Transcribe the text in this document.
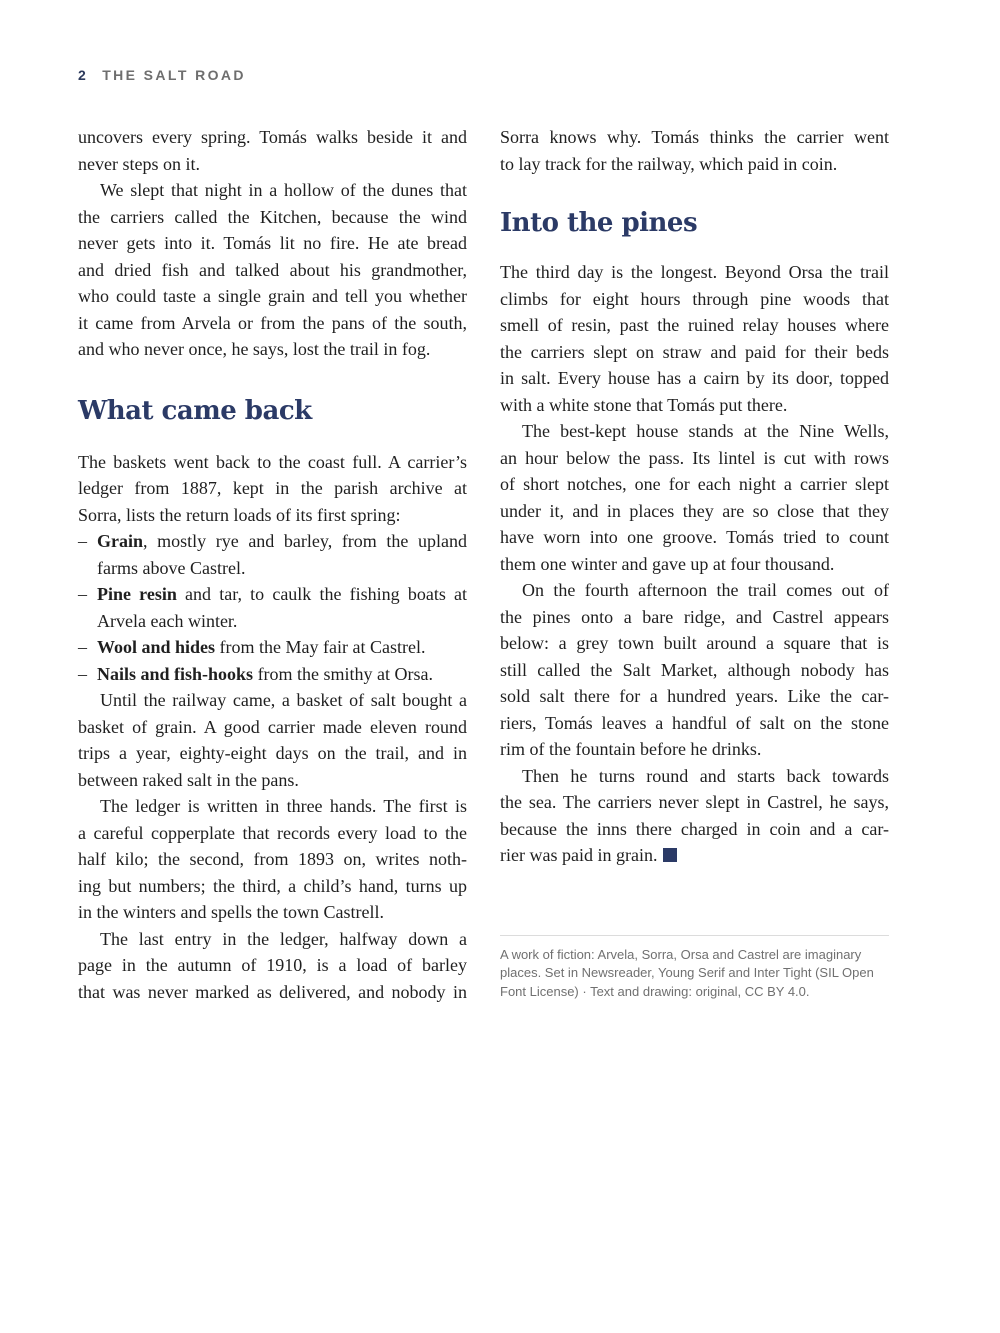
2 THE SALT ROAD
uncovers every spring. Tomás walks beside it and
never steps on it.
We slept that night in a hollow of the dunes that
the carriers called the Kitchen, because the wind
never gets into it. Tomás lit no fire. He ate bread
and dried fish and talked about his grandmother,
who could taste a single grain and tell you whether
it came from Arvela or from the pans of the south,
and who never once, he says, lost the trail in fog.
What came back
The baskets went back to the coast full. A carrier’s
ledger from 1887, kept in the parish archive at
Sorra, lists the return loads of its first spring:
– Grain, mostly rye and barley, from the upland
farms above Castrel.
– Pine resin and tar, to caulk the fishing boats at
Arvela each winter.
– Wool and hides from the May fair at Castrel.
– Nails and fish-hooks from the smithy at Orsa.
Until the railway came, a basket of salt bought a
basket of grain. A good carrier made eleven round
trips a year, eighty-eight days on the trail, and in
between raked salt in the pans.
The ledger is written in three hands. The first is
a careful copperplate that records every load to the
half kilo; the second, from 1893 on, writes noth-
ing but numbers; the third, a child’s hand, turns up
in the winters and spells the town Castrell.
The last entry in the ledger, halfway down a
page in the autumn of 1910, is a load of barley
that was never marked as delivered, and nobody in
Sorra knows why. Tomás thinks the carrier went
to lay track for the railway, which paid in coin.
Into the pines
The third day is the longest. Beyond Orsa the trail
climbs for eight hours through pine woods that
smell of resin, past the ruined relay houses where
the carriers slept on straw and paid for their beds
in salt. Every house has a cairn by its door, topped
with a white stone that Tomás put there.
The best-kept house stands at the Nine Wells,
an hour below the pass. Its lintel is cut with rows
of short notches, one for each night a carrier slept
under it, and in places they are so close that they
have worn into one groove. Tomás tried to count
them one winter and gave up at four thousand.
On the fourth afternoon the trail comes out of
the pines onto a bare ridge, and Castrel appears
below: a grey town built around a square that is
still called the Salt Market, although nobody has
sold salt there for a hundred years. Like the car-
riers, Tomás leaves a handful of salt on the stone
rim of the fountain before he drinks.
Then he turns round and starts back towards
the sea. The carriers never slept in Castrel, he says,
because the inns there charged in coin and a car-
rier was paid in grain.
A work of fiction: Arvela, Sorra, Orsa and Castrel are imaginary
places. Set in Newsreader, Young Serif and Inter Tight (SIL Open
Font License) · Text and drawing: original, CC BY 4.0.
